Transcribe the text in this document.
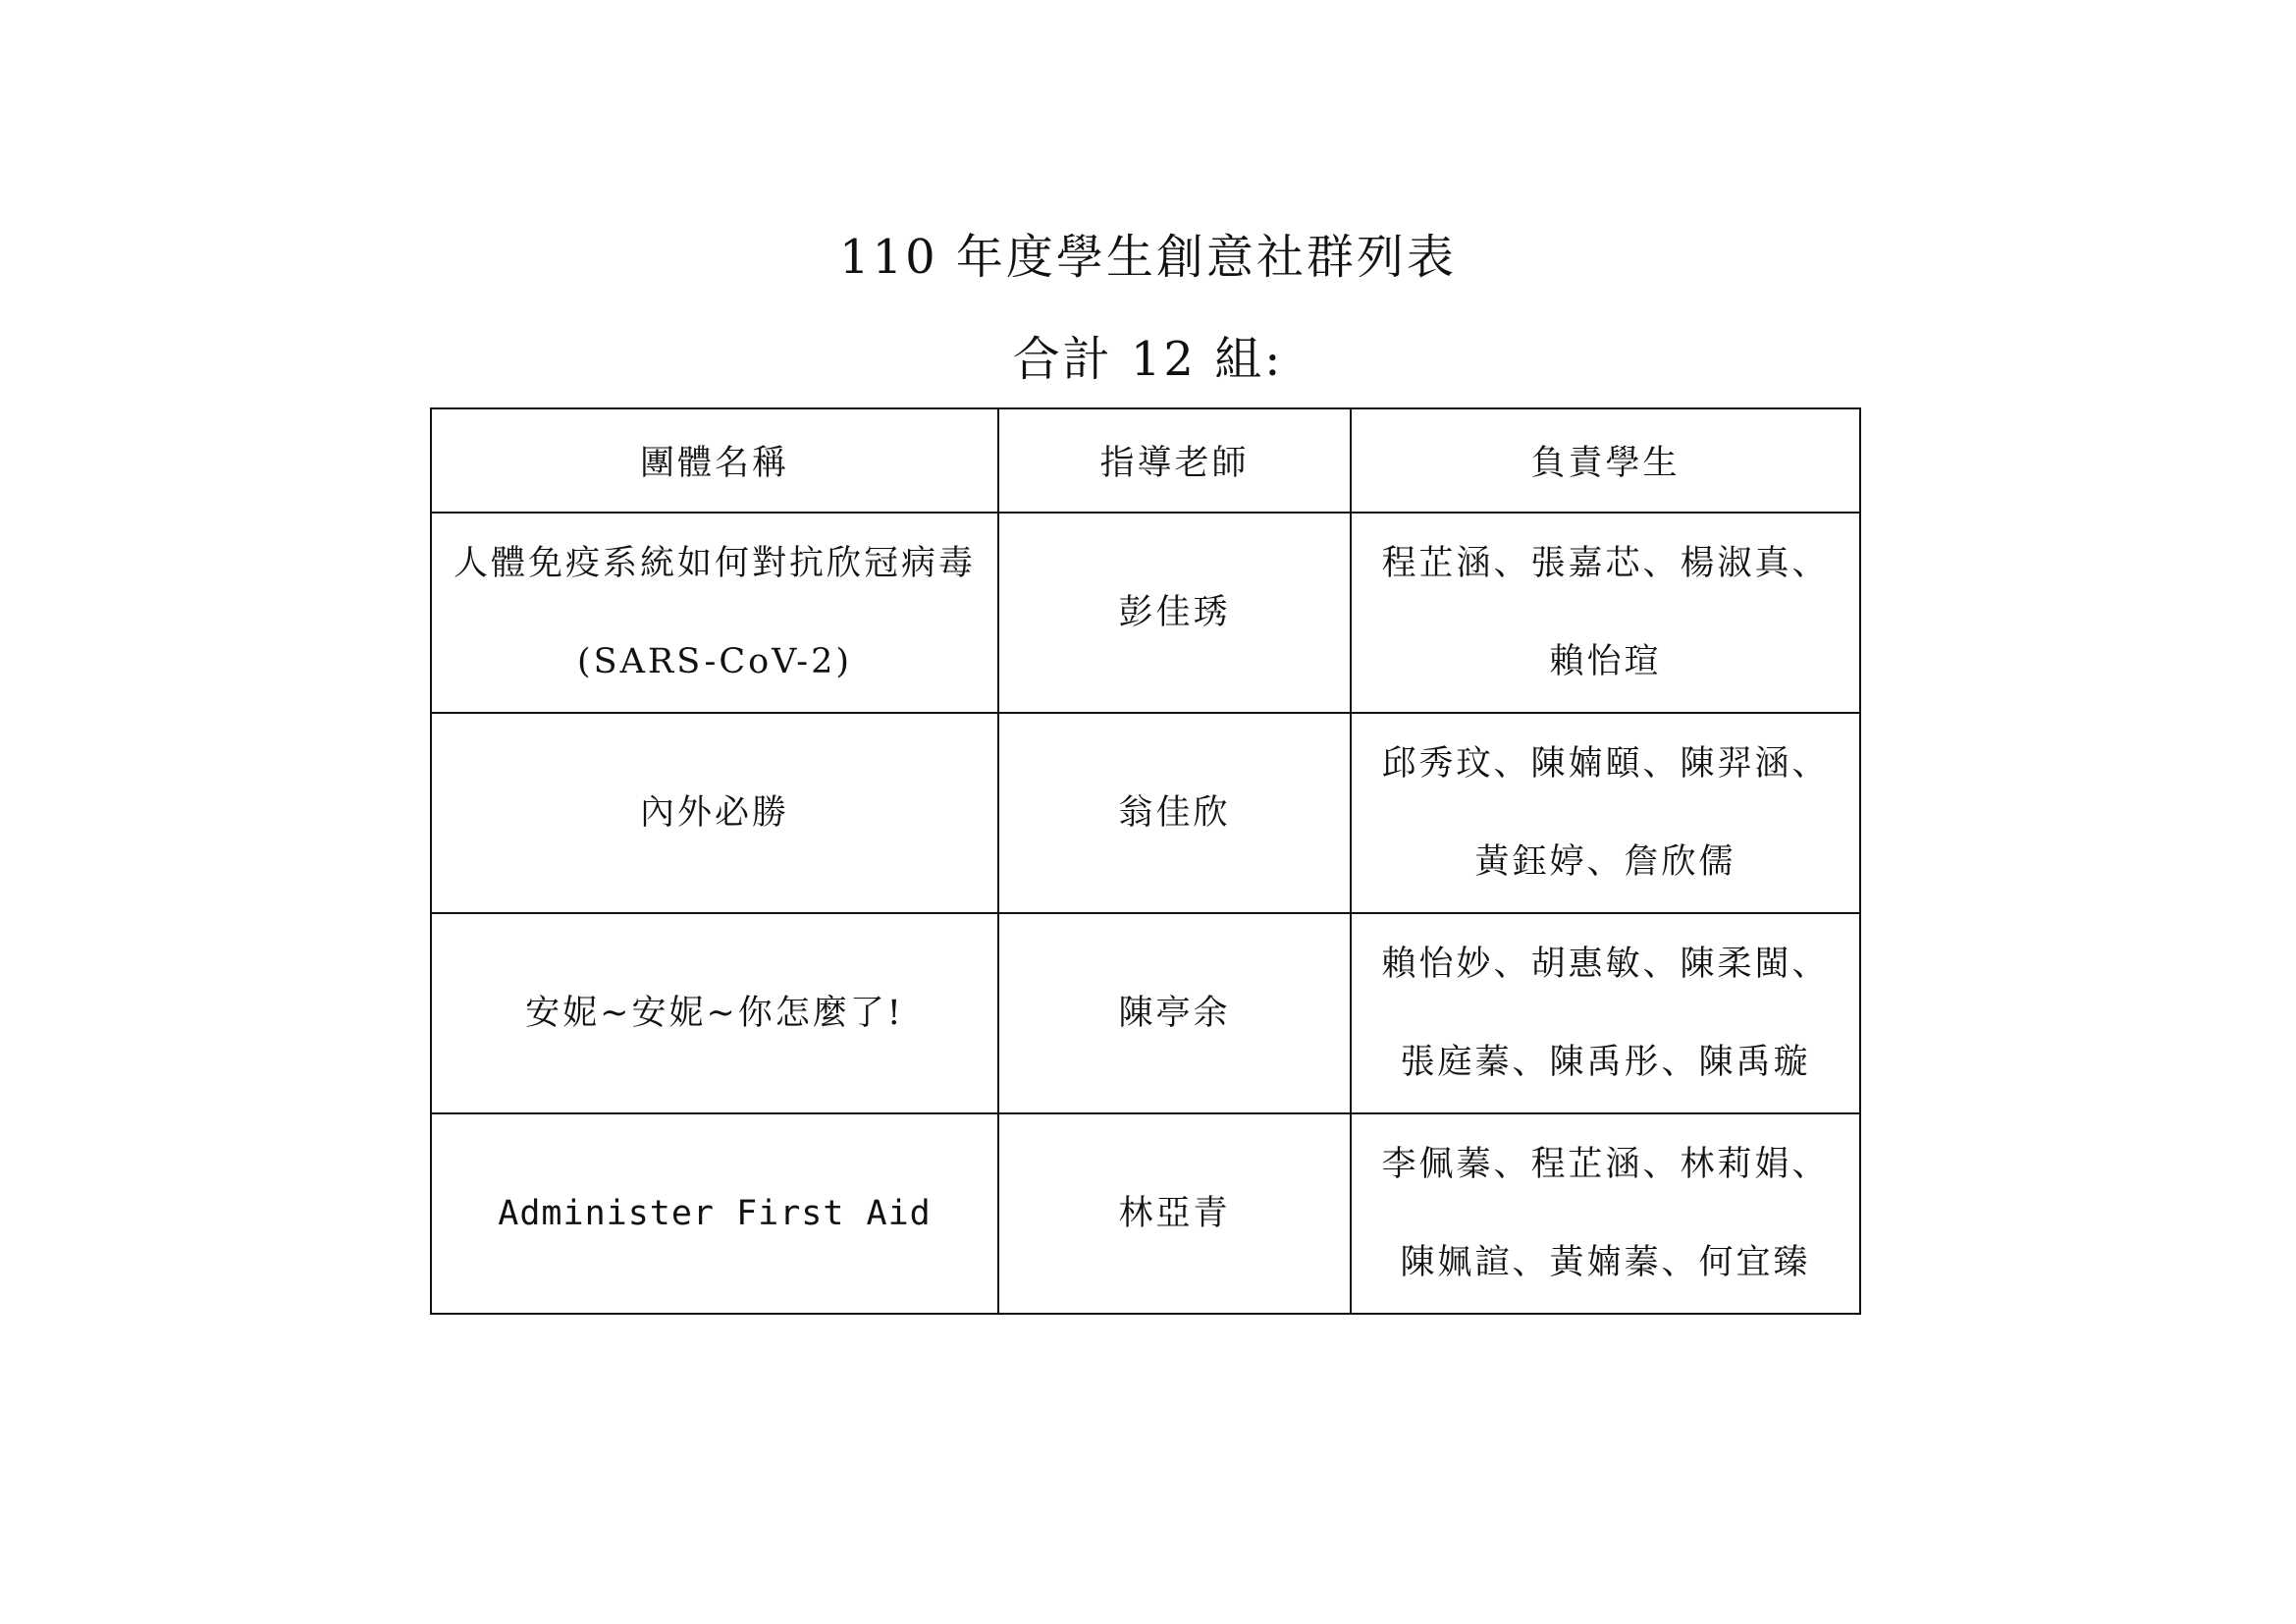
110 年度學生創意社群列表
合計 12 組:
團體名稱	指導老師	負責學生

人體免疫系統如何對抗欣冠病毒(SARS-CoV-2)	彭佳琇	程芷涵、張嘉芯、楊淑真、賴怡瑄

內外必勝	翁佳欣	邱秀玟、陳婻頤、陳羿涵、黃鈺婷、詹欣儒

安妮~安妮~你怎麼了!	陳亭余	賴怡妙、胡惠敏、陳柔閩、張庭蓁、陳禹彤、陳禹璇

Administer First Aid	林亞青	李佩蓁、程芷涵、林莉娟、陳姵諠、黃婻蓁、何宜臻
